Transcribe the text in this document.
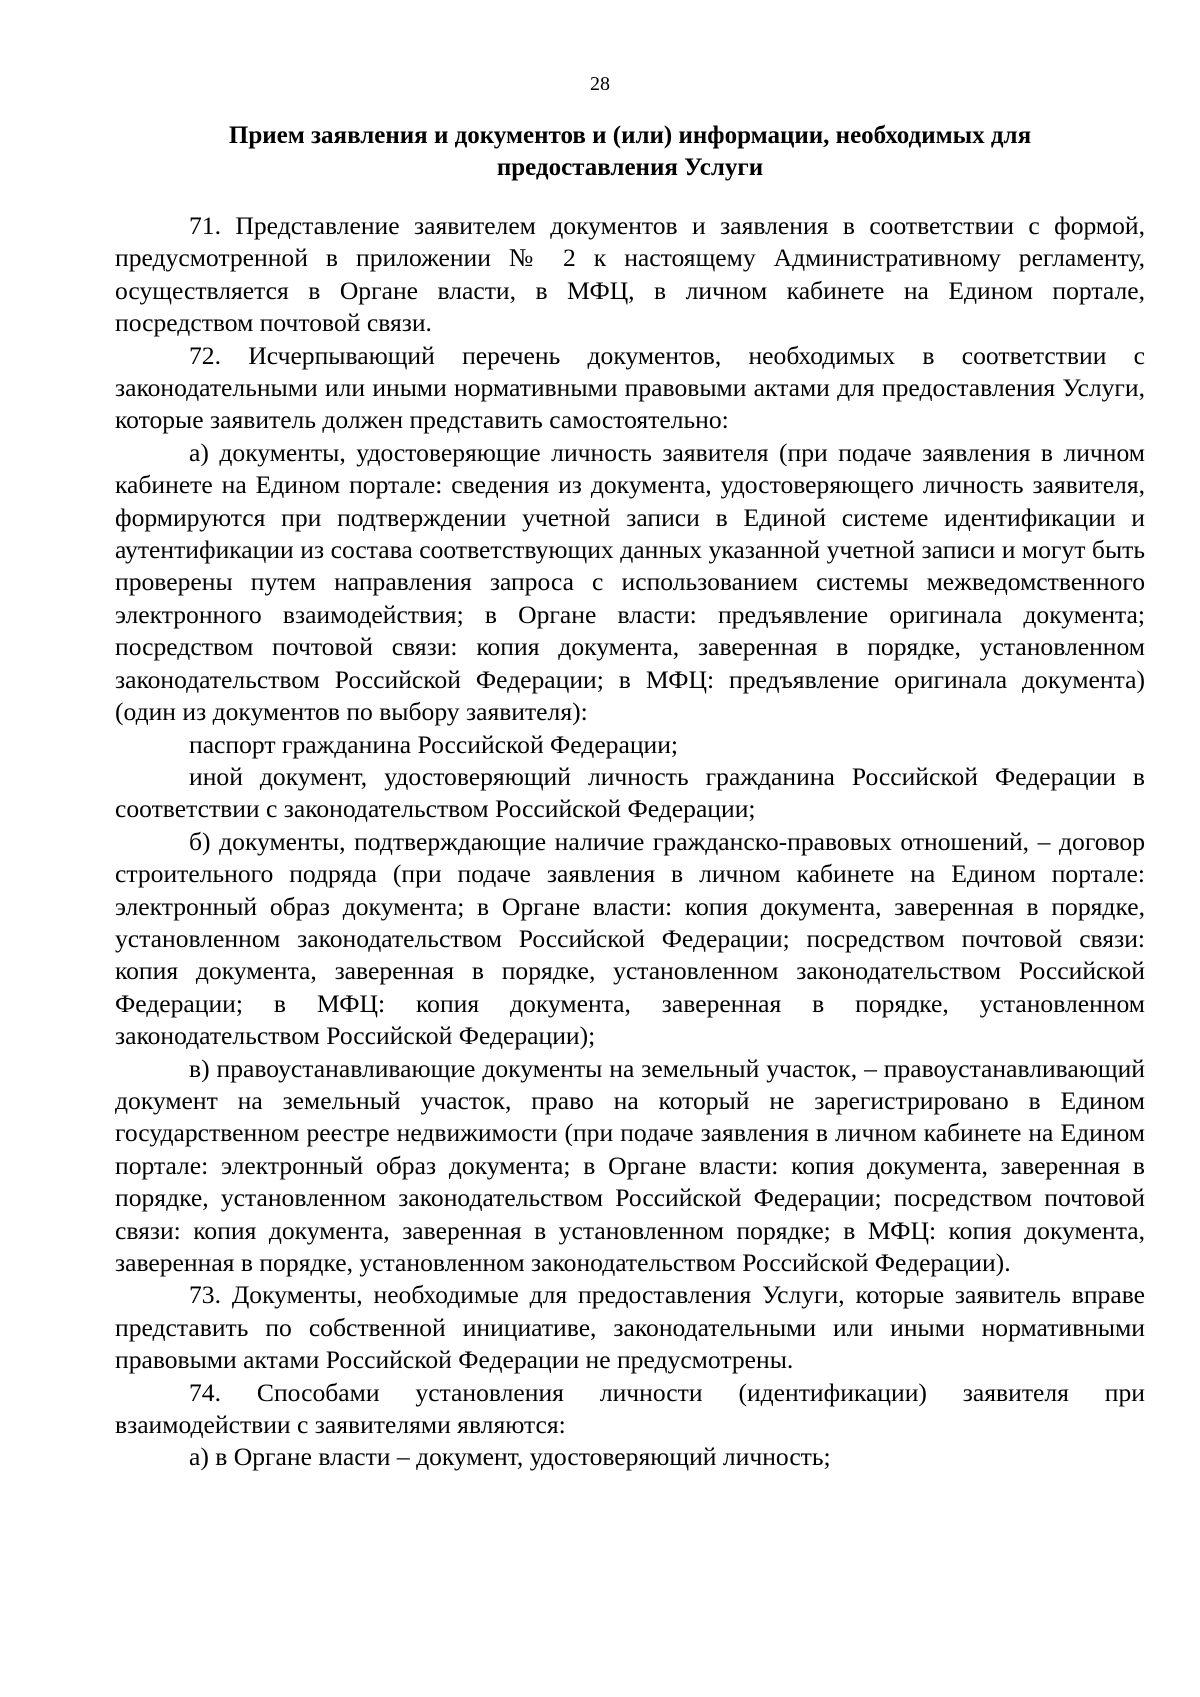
28
Прием заявления и документов и (или) информации, необходимых для
предоставления Услуги

71. Представление заявителем документов и заявления в соответствии с формой, предусмотренной в приложении № 2 к настоящему Административному регламенту, осуществляется в Органе власти, в МФЦ, в личном кабинете на Едином портале, посредством почтовой связи.

72. Исчерпывающий перечень документов, необходимых в соответствии с законодательными или иными нормативными правовыми актами для предоставления Услуги, которые заявитель должен представить самостоятельно:

а) документы, удостоверяющие личность заявителя (при подаче заявления в личном кабинете на Едином портале: сведения из документа, удостоверяющего личность заявителя, формируются при подтверждении учетной записи в Единой системе идентификации и аутентификации из состава соответствующих данных указанной учетной записи и могут быть проверены путем направления запроса с использованием системы межведомственного электронного взаимодействия; в Органе власти: предъявление оригинала документа; посредством почтовой связи: копия документа, заверенная в порядке, установленном законодательством Российской Федерации; в МФЦ: предъявление оригинала документа) (один из документов по выбору заявителя):

паспорт гражданина Российской Федерации;

иной документ, удостоверяющий личность гражданина Российской Федерации в соответствии с законодательством Российской Федерации;

б) документы, подтверждающие наличие гражданско-правовых отношений, – договор строительного подряда (при подаче заявления в личном кабинете на Едином портале: электронный образ документа; в Органе власти: копия документа, заверенная в порядке, установленном законодательством Российской Федерации; посредством почтовой связи: копия документа, заверенная в порядке, установленном законодательством Российской Федерации; в МФЦ: копия документа, заверенная в порядке, установленном законодательством Российской Федерации);

в) правоустанавливающие документы на земельный участок, – правоустанавливающий документ на земельный участок, право на который не зарегистрировано в Едином государственном реестре недвижимости (при подаче заявления в личном кабинете на Едином портале: электронный образ документа; в Органе власти: копия документа, заверенная в порядке, установленном законодательством Российской Федерации; посредством почтовой связи: копия документа, заверенная в установленном порядке; в МФЦ: копия документа, заверенная в порядке, установленном законодательством Российской Федерации).

73. Документы, необходимые для предоставления Услуги, которые заявитель вправе представить по собственной инициативе, законодательными или иными нормативными правовыми актами Российской Федерации не предусмотрены.

74. Способами установления личности (идентификации) заявителя при взаимодействии с заявителями являются:

а) в Органе власти – документ, удостоверяющий личность;
